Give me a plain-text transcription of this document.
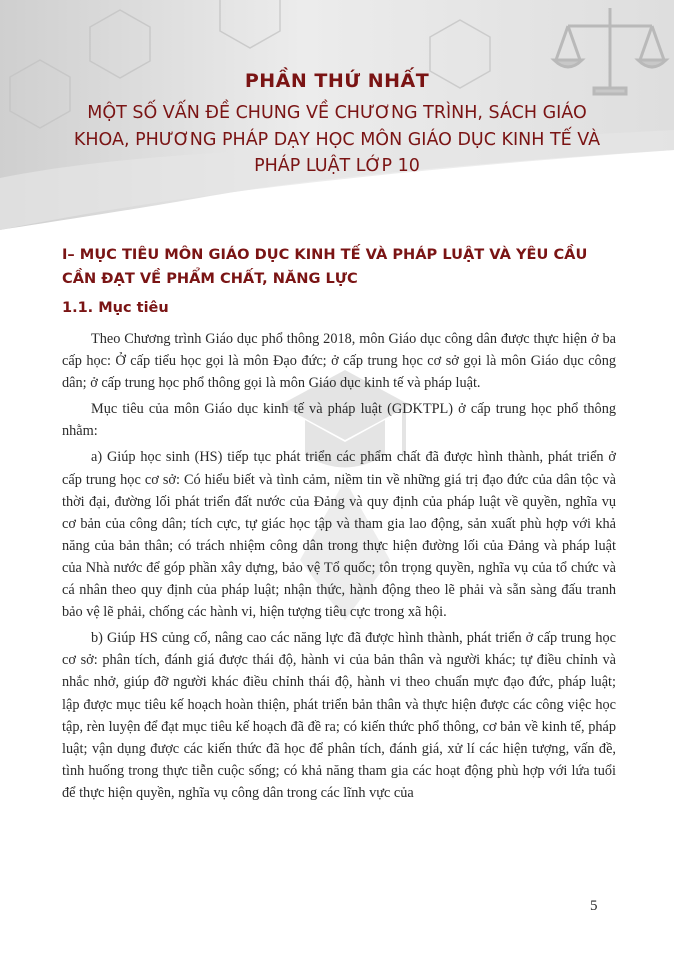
PHẦN THỨ NHẤT
MỘT SỐ VẤN ĐỀ CHUNG VỀ CHƯƠNG TRÌNH, SÁCH GIÁO KHOA, PHƯƠNG PHÁP DẠY HỌC MÔN GIÁO DỤC KINH TẾ VÀ PHÁP LUẬT LỚP 10
I– MỤC TIÊU MÔN GIÁO DỤC KINH TẾ VÀ PHÁP LUẬT VÀ YÊU CẦU CẦN ĐẠT VỀ PHẨM CHẤT, NĂNG LỰC
1.1. Mục tiêu

Theo Chương trình Giáo dục phổ thông 2018, môn Giáo dục công dân được thực hiện ở ba cấp học: Ở cấp tiểu học gọi là môn Đạo đức; ở cấp trung học cơ sở gọi là môn Giáo dục công dân; ở cấp trung học phổ thông gọi là môn Giáo dục kinh tế và pháp luật.

Mục tiêu của môn Giáo dục kinh tế và pháp luật (GDKTPL) ở cấp trung học phổ thông nhằm:

a) Giúp học sinh (HS) tiếp tục phát triển các phẩm chất đã được hình thành, phát triển ở cấp trung học cơ sở: Có hiểu biết và tình cảm, niềm tin về những giá trị đạo đức của dân tộc và thời đại, đường lối phát triển đất nước của Đảng và quy định của pháp luật về quyền, nghĩa vụ cơ bản của công dân; tích cực, tự giác học tập và tham gia lao động, sản xuất phù hợp với khả năng của bản thân; có trách nhiệm công dân trong thực hiện đường lối của Đảng và pháp luật của Nhà nước để góp phần xây dựng, bảo vệ Tổ quốc; tôn trọng quyền, nghĩa vụ của tổ chức và cá nhân theo quy định của pháp luật; nhận thức, hành động theo lẽ phải và sẵn sàng đấu tranh bảo vệ lẽ phải, chống các hành vi, hiện tượng tiêu cực trong xã hội.

b) Giúp HS củng cố, nâng cao các năng lực đã được hình thành, phát triển ở cấp trung học cơ sở: phân tích, đánh giá được thái độ, hành vi của bản thân và người khác; tự điều chỉnh và nhắc nhở, giúp đỡ người khác điều chỉnh thái độ, hành vi theo chuẩn mực đạo đức, pháp luật; lập được mục tiêu kế hoạch hoàn thiện, phát triển bản thân và thực hiện được các công việc học tập, rèn luyện để đạt mục tiêu kế hoạch đã đề ra; có kiến thức phổ thông, cơ bản về kinh tế, pháp luật; vận dụng được các kiến thức đã học để phân tích, đánh giá, xử lí các hiện tượng, vấn đề, tình huống trong thực tiễn cuộc sống; có khả năng tham gia các hoạt động phù hợp với lứa tuổi để thực hiện quyền, nghĩa vụ công dân trong các lĩnh vực của

5
